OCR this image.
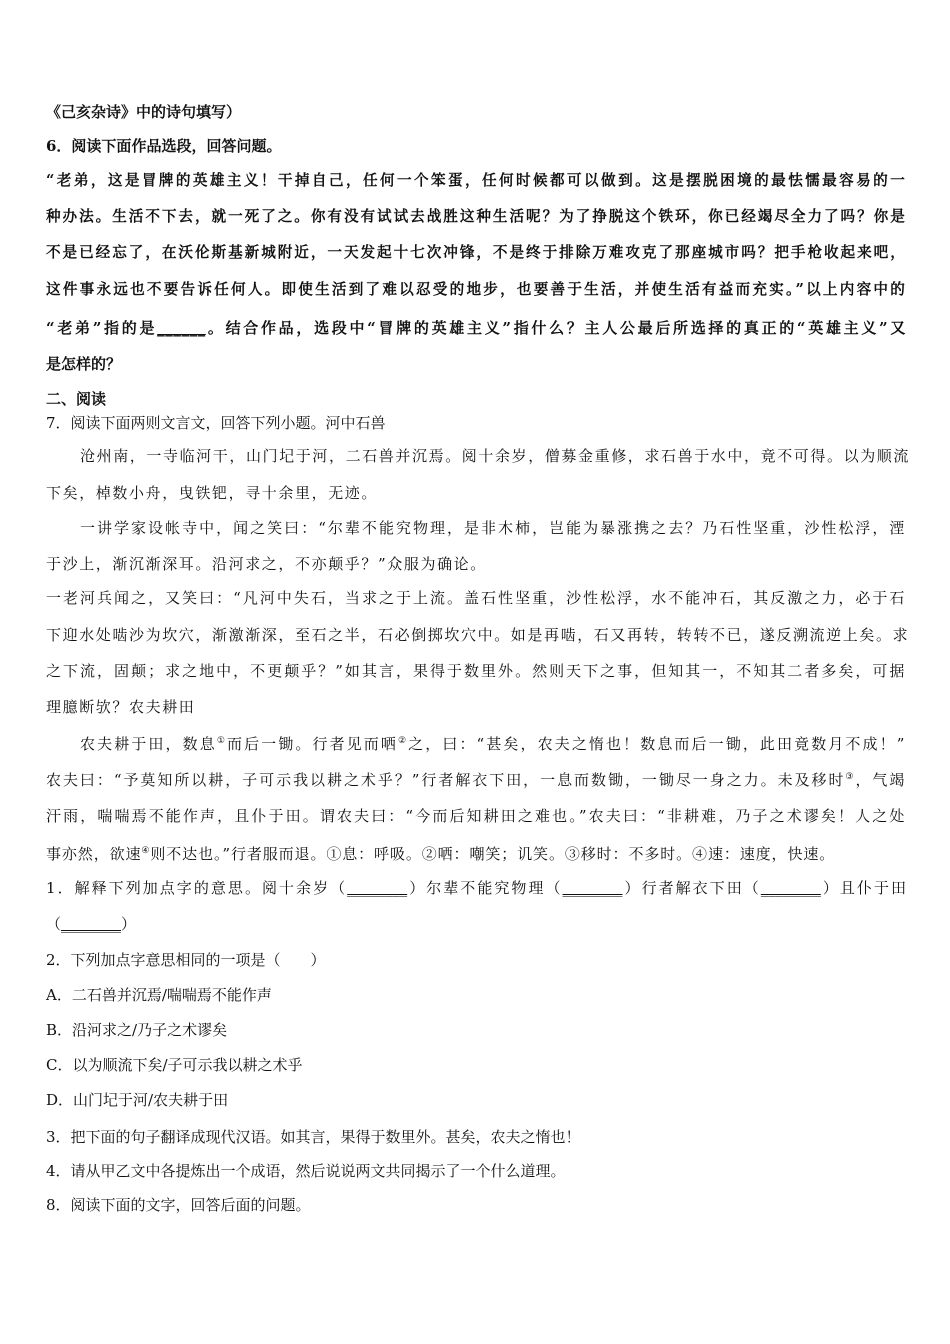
《己亥杂诗》中的诗句填写）
6．阅读下面作品选段，回答问题。
“老弟，这是冒牌的英雄主义！干掉自己，任何一个笨蛋，任何时候都可以做到。这是摆脱困境的最怯懦最容易的一
种办法。生活不下去，就一死了之。你有没有试试去战胜这种生活呢？为了挣脱这个铁环，你已经竭尽全力了吗？你是
不是已经忘了，在沃伦斯基新城附近，一天发起十七次冲锋，不是终于排除万难攻克了那座城市吗？把手枪收起来吧，
这件事永远也不要告诉任何人。即使生活到了难以忍受的地步，也要善于生活，并使生活有益而充实。”以上内容中的
“老弟”指的是______。结合作品，选段中“冒牌的英雄主义”指什么？主人公最后所选择的真正的“英雄主义”又
是怎样的？
二、阅读
7．阅读下面两则文言文，回答下列小题。河中石兽
沧州南，一寺临河干，山门圮于河，二石兽并沉焉。阅十余岁，僧募金重修，求石兽于水中，竟不可得。以为顺流
下矣，棹数小舟，曳铁钯，寻十余里，无迹。
一讲学家设帐寺中，闻之笑曰：“尔辈不能究物理，是非木柿，岂能为暴涨携之去？乃石性坚重，沙性松浮，湮
于沙上，渐沉渐深耳。沿河求之，不亦颠乎？”众服为确论。
一老河兵闻之，又笑曰：“凡河中失石，当求之于上流。盖石性坚重，沙性松浮，水不能冲石，其反激之力，必于石
下迎水处啮沙为坎穴，渐激渐深，至石之半，石必倒掷坎穴中。如是再啮，石又再转，转转不已，遂反溯流逆上矣。求
之下流，固颠；求之地中，不更颠乎？”如其言，果得于数里外。然则天下之事，但知其一，不知其二者多矣，可据
理臆断欤？农夫耕田
农夫耕于田，数息①而后一锄。行者见而哂②之，曰：“甚矣，农夫之惰也！数息而后一锄，此田竟数月不成！”
农夫曰：“予莫知所以耕，子可示我以耕之术乎？”行者解衣下田，一息而数锄，一锄尽一身之力。未及移时③，气竭
汗雨，喘喘焉不能作声，且仆于田。谓农夫曰：“今而后知耕田之难也。”农夫曰：“非耕难，乃子之术谬矣！人之处
事亦然，欲速④则不达也。”行者服而退。①息：呼吸。②哂：嘲笑；讥笑。③移时：不多时。④速：速度，快速。
1．解释下列加点字的意思。阅十余岁（________）尔辈不能究物理（________）行者解衣下田（________）且仆于田
（________）
2．下列加点字意思相同的一项是（　　）
A．二石兽并沉焉/喘喘焉不能作声
B．沿河求之/乃子之术谬矣
C．以为顺流下矣/子可示我以耕之术乎
D．山门圮于河/农夫耕于田
3．把下面的句子翻译成现代汉语。如其言，果得于数里外。甚矣，农夫之惰也！
4．请从甲乙文中各提炼出一个成语，然后说说两文共同揭示了一个什么道理。
8．阅读下面的文字，回答后面的问题。
